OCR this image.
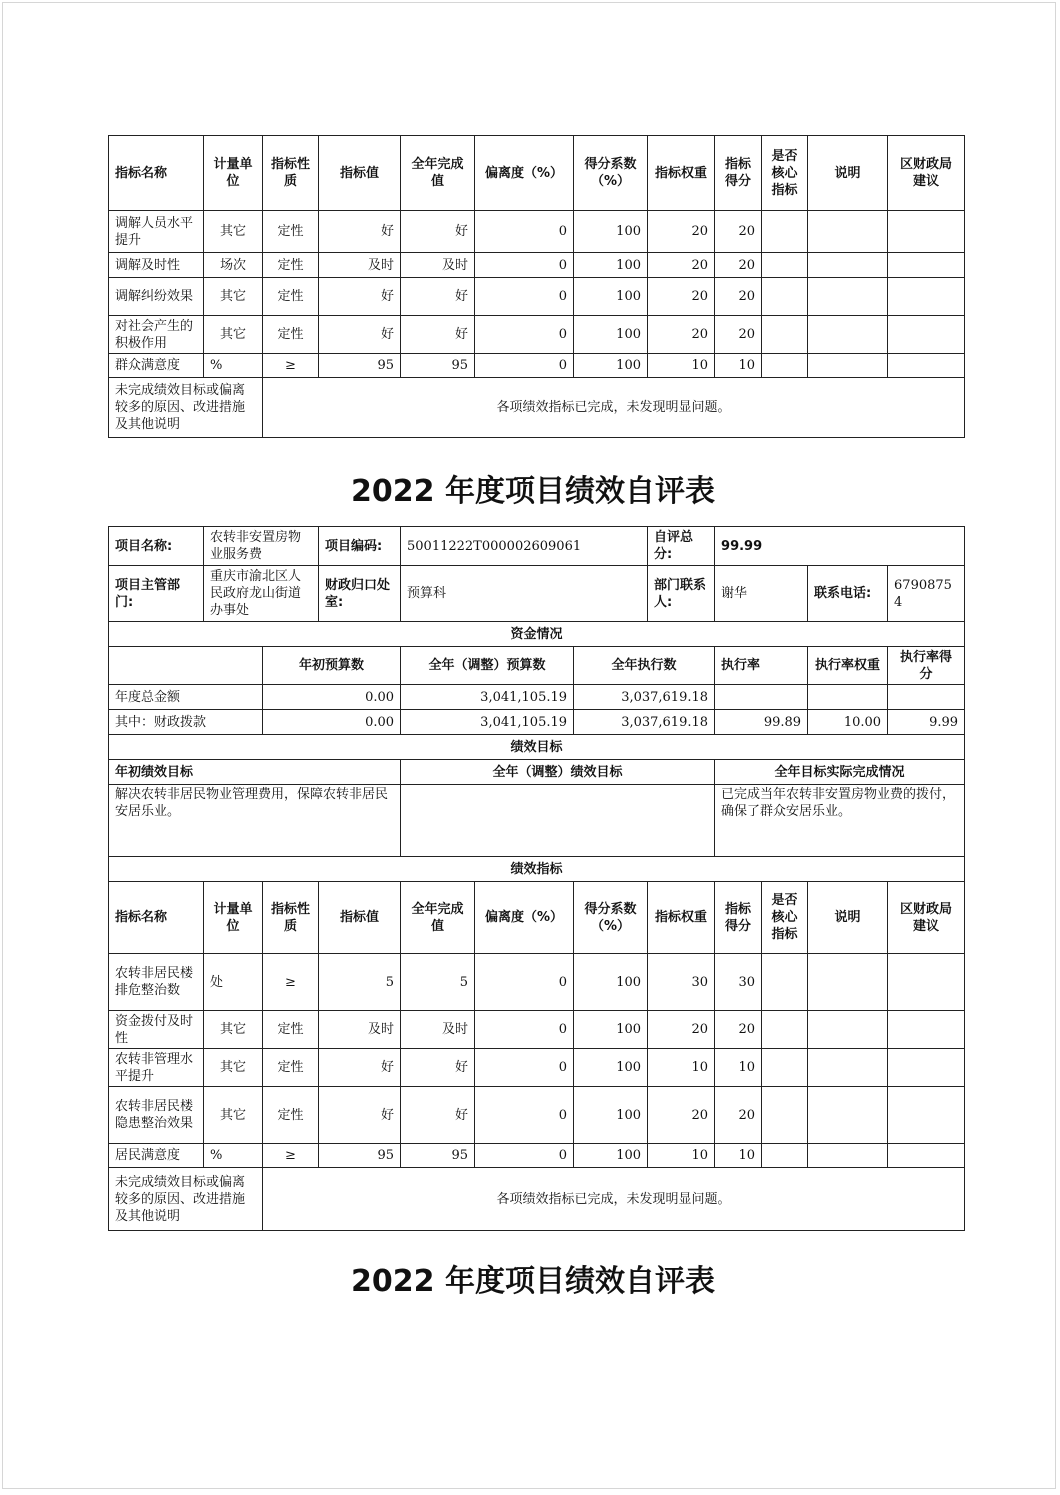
指标名称	计量单位	指标性质	指标值	全年完成值	偏离度（%）	得分系数（%）	指标权重	指标得分	是否核心指标	说明	区财政局建议
调解人员水平提升	其它	定性	好	好	0	100	20	20			
调解及时性	场次	定性	及时	及时	0	100	20	20			
调解纠纷效果	其它	定性	好	好	0	100	20	20			
对社会产生的积极作用	其它	定性	好	好	0	100	20	20			
群众满意度	%	≥	95	95	0	100	10	10			
未完成绩效目标或偏离较多的原因、改进措施及其他说明		各项绩效指标已完成，未发现明显问题。									
2022 年度项目绩效自评表
项目名称:	农转非安置房物业服务费		项目编码:	50011222T000002609061			自评总分:	99.99			
项目主管部门:	重庆市渝北区人民政府龙山街道办事处		财政归口处室:	预算科			部门联系人:	谢华		联系电话:	67908754
资金情况											
		年初预算数		全年（调整）预算数		全年执行数		执行率		执行率权重	执行率得分
年度总金额		0.00		3,041,105.19		3,037,619.18					
其中：财政拨款		0.00		3,041,105.19		3,037,619.18		99.89		10.00	9.99
绩效目标											
年初绩效目标				全年（调整）绩效目标				全年目标实际完成情况			
解决农转非居民物业管理费用，保障农转非居民安居乐业。								已完成当年农转非安置房物业费的拨付，确保了群众安居乐业。			
绩效指标											
指标名称	计量单位	指标性质	指标值	全年完成值	偏离度（%）	得分系数（%）	指标权重	指标得分	是否核心指标	说明	区财政局建议
农转非居民楼排危整治数	处	≥	5	5	0	100	30	30			
资金拨付及时性	其它	定性	及时	及时	0	100	20	20			
农转非管理水平提升	其它	定性	好	好	0	100	10	10			
农转非居民楼隐患整治效果	其它	定性	好	好	0	100	20	20			
居民满意度	%	≥	95	95	0	100	10	10			
未完成绩效目标或偏离较多的原因、改进措施及其他说明		各项绩效指标已完成，未发现明显问题。									
2022 年度项目绩效自评表
